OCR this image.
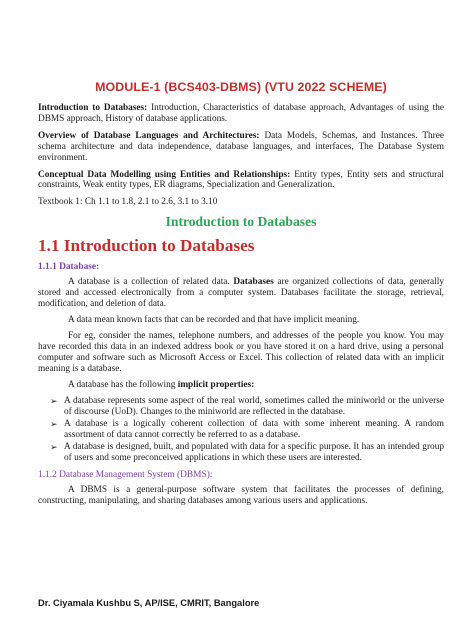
MODULE-1 (BCS403-DBMS) (VTU 2022 SCHEME)

Introduction to Databases: Introduction, Characteristics of database approach, Advantages of using the DBMS approach, History of database applications.

Overview of Database Languages and Architectures: Data Models, Schemas, and Instances. Three schema architecture and data independence, database languages, and interfaces, The Database System environment.

Conceptual Data Modelling using Entities and Relationships: Entity types, Entity sets and structural constraints, Weak entity types, ER diagrams, Specialization and Generalization.

Textbook 1: Ch 1.1 to 1.8, 2.1 to 2.6, 3.1 to 3.10

Introduction to Databases
1.1 Introduction to Databases
1.1.1 Database:

A database is a collection of related data. Databases are organized collections of data, generally stored and accessed electronically from a computer system. Databases facilitate the storage, retrieval, modification, and deletion of data.

A data mean known facts that can be recorded and that have implicit meaning.

For eg, consider the names, telephone numbers, and addresses of the people you know. You may have recorded this data in an indexed address book or you have stored it on a hard drive, using a personal computer and software such as Microsoft Access or Excel. This collection of related data with an implicit meaning is a database.

A database has the following implicit properties:

➢ A database represents some aspect of the real world, sometimes called the miniworld or the universe of discourse (UoD). Changes to the miniworld are reflected in the database.
➢ A database is a logically coherent collection of data with some inherent meaning. A random assortment of data cannot correctly be referred to as a database.
➢ A database is designed, built, and populated with data for a specific purpose. It has an intended group of users and some preconceived applications in which these users are interested.
1.1.2 Database Management System (DBMS):

A DBMS is a general-purpose software system that facilitates the processes of defining, constructing, manipulating, and sharing databases among various users and applications.

Dr. Ciyamala Kushbu S, AP/ISE, CMRIT, Bangalore
